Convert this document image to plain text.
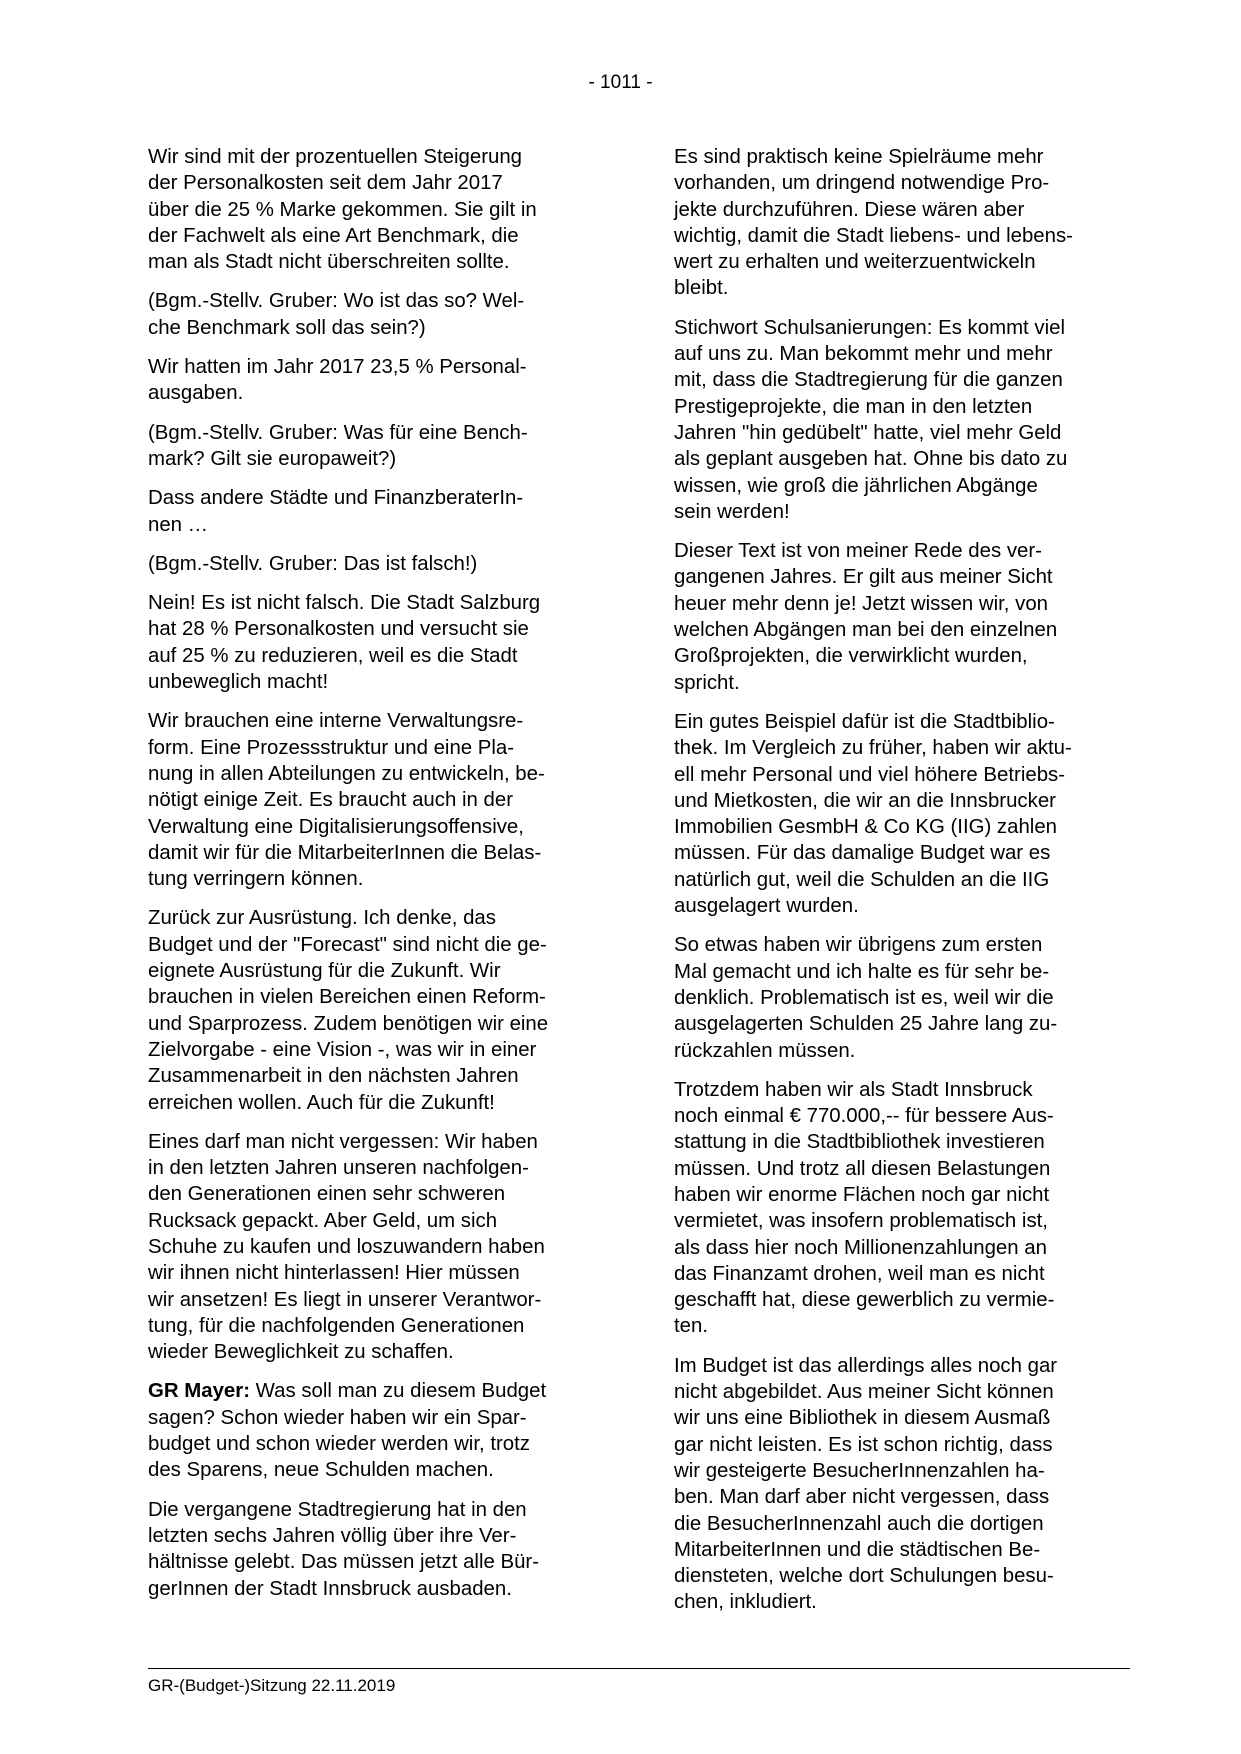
- 1011 -

Wir sind mit der prozentuellen Steigerung
der Personalkosten seit dem Jahr 2017
über die 25 % Marke gekommen. Sie gilt in
der Fachwelt als eine Art Benchmark, die
man als Stadt nicht überschreiten sollte.

(Bgm.-Stellv. Gruber: Wo ist das so? Wel-
che Benchmark soll das sein?)

Wir hatten im Jahr 2017 23,5 % Personal-
ausgaben.

(Bgm.-Stellv. Gruber: Was für eine Bench-
mark? Gilt sie europaweit?)

Dass andere Städte und FinanzberaterIn-
nen …

(Bgm.-Stellv. Gruber: Das ist falsch!)

Nein! Es ist nicht falsch. Die Stadt Salzburg
hat 28 % Personalkosten und versucht sie
auf 25 % zu reduzieren, weil es die Stadt
unbeweglich macht!

Wir brauchen eine interne Verwaltungsre-
form. Eine Prozessstruktur und eine Pla-
nung in allen Abteilungen zu entwickeln, be-
nötigt einige Zeit. Es braucht auch in der
Verwaltung eine Digitalisierungsoffensive,
damit wir für die MitarbeiterInnen die Belas-
tung verringern können.

Zurück zur Ausrüstung. Ich denke, das
Budget und der "Forecast" sind nicht die ge-
eignete Ausrüstung für die Zukunft. Wir
brauchen in vielen Bereichen einen Reform-
und Sparprozess. Zudem benötigen wir eine
Zielvorgabe - eine Vision -, was wir in einer
Zusammenarbeit in den nächsten Jahren
erreichen wollen. Auch für die Zukunft!

Eines darf man nicht vergessen: Wir haben
in den letzten Jahren unseren nachfolgen-
den Generationen einen sehr schweren
Rucksack gepackt. Aber Geld, um sich
Schuhe zu kaufen und loszuwandern haben
wir ihnen nicht hinterlassen! Hier müssen
wir ansetzen! Es liegt in unserer Verantwor-
tung, für die nachfolgenden Generationen
wieder Beweglichkeit zu schaffen.

GR Mayer: Was soll man zu diesem Budget
sagen? Schon wieder haben wir ein Spar-
budget und schon wieder werden wir, trotz
des Sparens, neue Schulden machen.

Die vergangene Stadtregierung hat in den
letzten sechs Jahren völlig über ihre Ver-
hältnisse gelebt. Das müssen jetzt alle Bür-
gerInnen der Stadt Innsbruck ausbaden.

Es sind praktisch keine Spielräume mehr
vorhanden, um dringend notwendige Pro-
jekte durchzuführen. Diese wären aber
wichtig, damit die Stadt liebens- und lebens-
wert zu erhalten und weiterzuentwickeln
bleibt.

Stichwort Schulsanierungen: Es kommt viel
auf uns zu. Man bekommt mehr und mehr
mit, dass die Stadtregierung für die ganzen
Prestigeprojekte, die man in den letzten
Jahren "hin gedübelt" hatte, viel mehr Geld
als geplant ausgeben hat. Ohne bis dato zu
wissen, wie groß die jährlichen Abgänge
sein werden!

Dieser Text ist von meiner Rede des ver-
gangenen Jahres. Er gilt aus meiner Sicht
heuer mehr denn je! Jetzt wissen wir, von
welchen Abgängen man bei den einzelnen
Großprojekten, die verwirklicht wurden,
spricht.

Ein gutes Beispiel dafür ist die Stadtbiblio-
thek. Im Vergleich zu früher, haben wir aktu-
ell mehr Personal und viel höhere Betriebs-
und Mietkosten, die wir an die Innsbrucker
Immobilien GesmbH & Co KG (IIG) zahlen
müssen. Für das damalige Budget war es
natürlich gut, weil die Schulden an die IIG
ausgelagert wurden.

So etwas haben wir übrigens zum ersten
Mal gemacht und ich halte es für sehr be-
denklich. Problematisch ist es, weil wir die
ausgelagerten Schulden 25 Jahre lang zu-
rückzahlen müssen.

Trotzdem haben wir als Stadt Innsbruck
noch einmal € 770.000,-- für bessere Aus-
stattung in die Stadtbibliothek investieren
müssen. Und trotz all diesen Belastungen
haben wir enorme Flächen noch gar nicht
vermietet, was insofern problematisch ist,
als dass hier noch Millionenzahlungen an
das Finanzamt drohen, weil man es nicht
geschafft hat, diese gewerblich zu vermie-
ten.

Im Budget ist das allerdings alles noch gar
nicht abgebildet. Aus meiner Sicht können
wir uns eine Bibliothek in diesem Ausmaß
gar nicht leisten. Es ist schon richtig, dass
wir gesteigerte BesucherInnenzahlen ha-
ben. Man darf aber nicht vergessen, dass
die BesucherInnenzahl auch die dortigen
MitarbeiterInnen und die städtischen Be-
diensteten, welche dort Schulungen besu-
chen, inkludiert.

GR-(Budget-)Sitzung 22.11.2019
